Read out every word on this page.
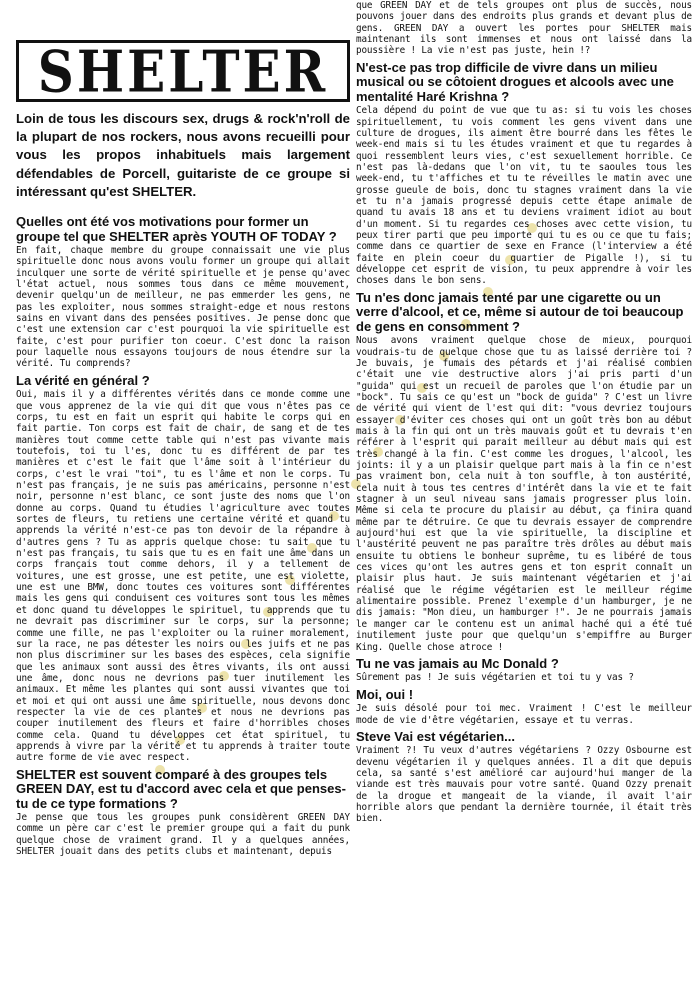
SHELTER

Loin de tous les discours sex, drugs & rock'n'roll de la plupart de nos rockers, nous avons recueilli pour vous les propos inhabituels mais largement défendables de Porcell, guitariste de ce groupe si intéressant qu'est SHELTER.

Quelles ont été vos motivations pour former un groupe tel que SHELTER après YOUTH OF TODAY ?

En fait, chaque membre du groupe connaissait une vie plus spirituelle donc nous avons voulu former un groupe qui allait inculquer une sorte de vérité spirituelle et je pense qu'avec l'état actuel, nous sommes tous dans ce même mouvement, devenir quelqu'un de meilleur, ne pas emmerder les gens, ne pas les exploiter, nous sommes straight-edge et nous restons sains en vivant dans des pensées positives. Je pense donc que c'est une extension car c'est pourquoi la vie spirituelle est faite, c'est pour purifier ton coeur. C'est donc la raison pour laquelle nous essayons toujours de nous étendre sur la vérité. Tu comprends?

La vérité en général ?

Oui, mais il y a différentes vérités dans ce monde comme une que vous apprenez de la vie qui dit que vous n'êtes pas ce corps, tu est en fait un esprit qui habite le corps qui en fait partie. Ton corps est fait de chair, de sang et de tes manières tout comme cette table qui n'est pas vivante mais toutefois, toi tu l'es, donc tu es différent de par tes manières et c'est le fait que l'âme soit à l'intérieur du corps, c'est le vrai "toi", tu es l'âme et non le corps. Tu n'est pas français, je ne suis pas américains, personne n'est noir, personne n'est blanc, ce sont juste des noms que l'on donne au corps. Quand tu étudies l'agriculture avec toutes sortes de fleurs, tu retiens une certaine vérité et quand tu apprends la vérité n'est-ce pas ton devoir de la répandre à d'autres gens ? Tu as appris quelque chose: tu sait que tu n'est pas français, tu sais que tu es en fait une âme dans un corps français tout comme dehors, il y a tellement de voitures, une est grosse, une est petite, une est violette, une est une BMW, donc toutes ces voitures sont différentes mais les gens qui conduisent ces voitures sont tous les mêmes et donc quand tu développes le spirituel, tu apprends que tu ne devrait pas discriminer sur le corps, sur la personne; comme une fille, ne pas l'exploiter ou la ruiner moralement, sur la race, ne pas détester les noirs ou les juifs et ne pas non plus discriminer sur les bases des espèces, cela signifie que les animaux sont aussi des êtres vivants, ils ont aussi une âme, donc nous ne devrions pas tuer inutilement les animaux. Et même les plantes qui sont aussi vivantes que toi et moi et qui ont aussi une âme spirituelle, nous devons donc respecter la vie de ces plantes et nous ne devrions pas couper inutilement des fleurs et faire d'horribles choses comme cela. Quand tu développes cet état spirituel, tu apprends à vivre par la vérité et tu apprends à traiter toute autre forme de vie avec respect.

SHELTER est souvent comparé à des groupes tels GREEN DAY, est tu d'accord avec cela et que penses-tu de ce type formations ?

Je pense que tous les groupes punk considèrent GREEN DAY comme un père car c'est le premier groupe qui a fait du punk quelque chose de vraiment grand. Il y a quelques années, SHELTER jouait dans des petits clubs et maintenant, depuis

que GREEN DAY et de tels groupes ont plus de succès, nous pouvons jouer dans des endroits plus grands et devant plus de gens. GREEN DAY a ouvert les portes pour SHELTER mais maintenant ils sont immenses et nous ont laissé dans la poussière ! La vie n'est pas juste, hein !?

N'est-ce pas trop difficile de vivre dans un milieu musical ou se côtoient drogues et alcools avec une mentalité Haré Krishna ?

Cela dépend du point de vue que tu as: si tu vois les choses spirituellement, tu vois comment les gens vivent dans une culture de drogues, ils aiment être bourré dans les fêtes le week-end mais si tu les études vraiment et que tu regardes à quoi ressemblent leurs vies, c'est sexuellement horrible. Ce n'est pas là-dedans que l'on vit, tu te saoules tous les week-end, tu t'affiches et tu te réveilles le matin avec une grosse gueule de bois, donc tu stagnes vraiment dans la vie et tu n'a jamais progressé depuis cette étape animale de quand tu avais 18 ans et tu deviens vraiment idiot au bout d'un moment. Si tu regardes ces choses avec cette vision, tu peux tirer parti que peu importe qui tu es ou ce que tu fais; comme dans ce quartier de sexe en France (l'interview a été faite en plein coeur du quartier de Pigalle !), si tu développe cet esprit de vision, tu peux apprendre à voir les choses dans le bon sens.

Tu n'es donc jamais tenté par une cigarette ou un verre d'alcool, et ce, même si autour de toi beaucoup de gens en consomment ?

Nous avons vraiment quelque chose de mieux, pourquoi voudrais-tu de quelque chose que tu as laissé derrière toi ? Je buvais, je fumais des pétards et j'ai réalisé combien c'était une vie destructive alors j'ai pris parti d'un "guida" qui est un recueil de paroles que l'on étudie par un "bock". Tu sais ce qu'est un "bock de guida" ? C'est un livre de vérité qui vient de l'est qui dit: "vous devriez toujours essayer d'éviter ces choses qui ont un goût très bon au début mais à la fin qui ont un très mauvais goût et tu devrais t'en référer à l'esprit qui parait meilleur au début mais qui est très changé à la fin. C'est comme les drogues, l'alcool, les joints: il y a un plaisir quelque part mais à la fin ce n'est pas vraiment bon, cela nuit à ton souffle, à ton austérité, cela nuit à tous tes centres d'intérêt dans la vie et te fait stagner à un seul niveau sans jamais progresser plus loin. Même si cela te procure du plaisir au début, ça finira quand même par te détruire. Ce que tu devrais essayer de comprendre aujourd'hui est que la vie spirituelle, la discipline et l'austérité peuvent ne pas paraître très drôles au début mais ensuite tu obtiens le bonheur suprême, tu es libéré de tous ces vices qu'ont les autres gens et ton esprit connaît un plaisir plus haut. Je suis maintenant végétarien et j'ai réalisé que le régime végétarien est le meilleur régime alimentaire possible. Prenez l'exemple d'un hamburger, je ne dis jamais: "Mon dieu, un hamburger !". Je ne pourrais jamais le manger car le contenu est un animal haché qui a été tué inutilement juste pour que quelqu'un s'empiffre au Burger King. Quelle chose atroce !

Tu ne vas jamais au Mc Donald ?

Sûrement pas ! Je suis végétarien et toi tu y vas ?

Moi, oui !

Je suis désolé pour toi mec. Vraiment ! C'est le meilleur mode de vie d'être végétarien, essaye et tu verras.

Steve Vai est végétarien...

Vraiment ?! Tu veux d'autres végétariens ? Ozzy Osbourne est devenu végétarien il y quelques années. Il a dit que depuis cela, sa santé s'est amélioré car aujourd'hui manger de la viande est très mauvais pour votre santé. Quand Ozzy prenait de la drogue et mangeait de la viande, il avait l'air horrible alors que pendant la dernière tournée, il était très bien.
